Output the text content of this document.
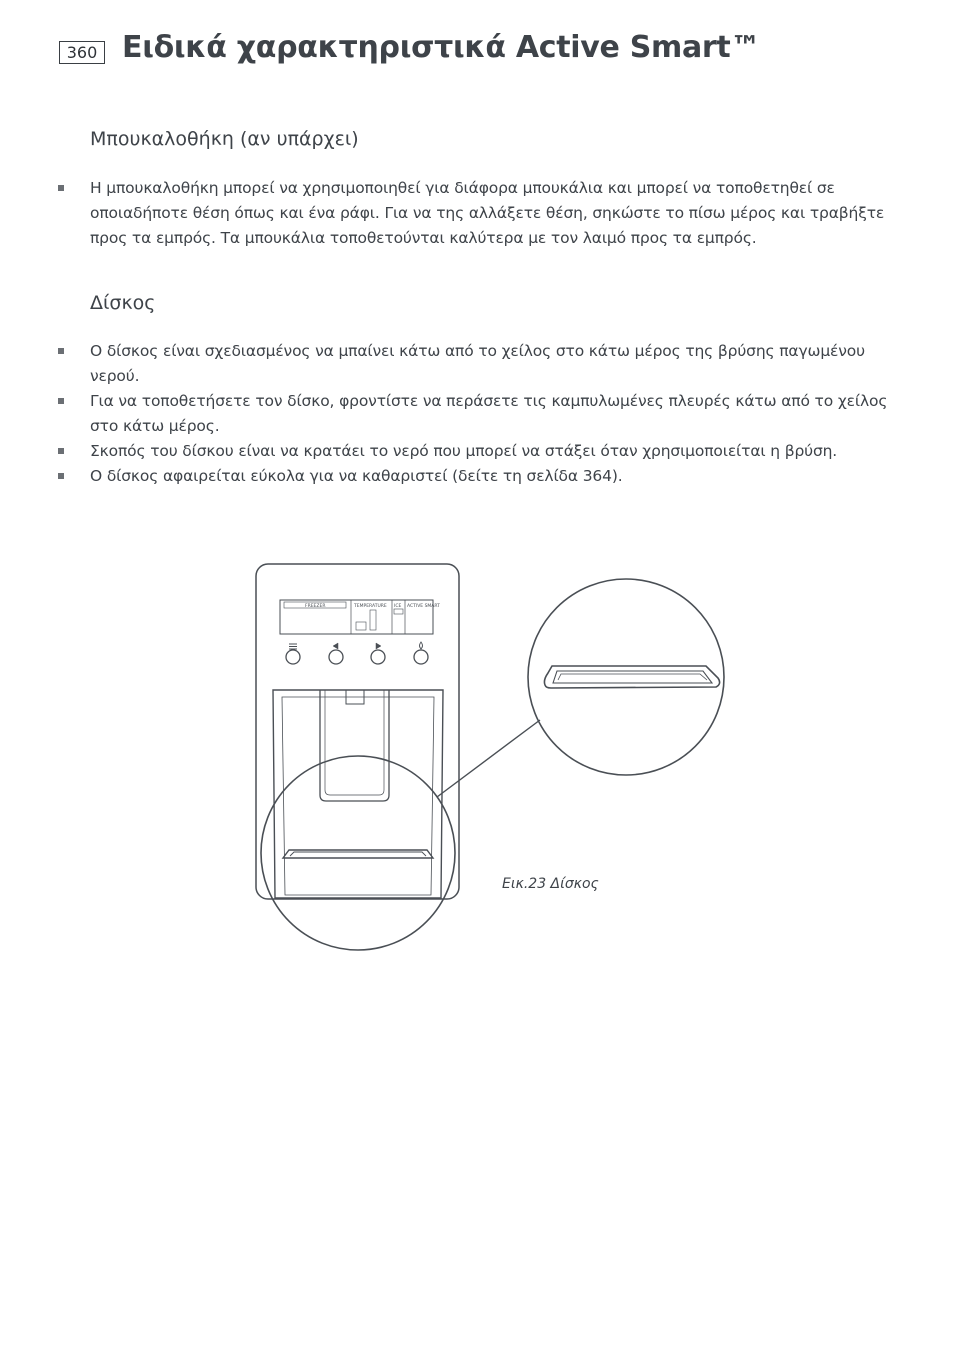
360 Ειδικά χαρακτηριστικά Active Smart™
Μπουκαλοθήκη (αν υπάρχει)
Η μπουκαλοθήκη μπορεί να χρησιμοποιηθεί για διάφορα μπουκάλια και μπορεί να τοποθετηθεί σε οποιαδήποτε θέση όπως και ένα ράφι. Για να της αλλάξετε θέση, σηκώστε το πίσω μέρος και τραβήξτε προς τα εμπρός. Τα μπουκάλια τοποθετούνται καλύτερα με τον λαιμό προς τα εμπρός.
Δίσκος
Ο δίσκος είναι σχεδιασμένος να μπαίνει κάτω από το χείλος στο κάτω μέρος της βρύσης παγωμένου νερού.
Για να τοποθετήσετε τον δίσκο, φροντίστε να περάσετε τις καμπυλωμένες πλευρές κάτω από το χείλος στο κάτω μέρος.
Σκοπός του δίσκου είναι να κρατάει το νερό που μπορεί να στάξει όταν χρησιμοποιείται η βρύση.
Ο δίσκος αφαιρείται εύκολα για να καθαριστεί (δείτε τη σελίδα 364).
FREEZER	TEMPERATURE ICE ACTIVE SMART
Εικ.23 Δίσκος
